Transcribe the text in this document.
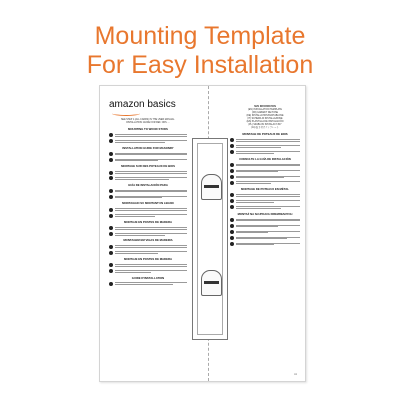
Mounting Template
For Easy Installation
amazon basics
SEE STEP 1 (ALL CARDS) IN THE USER MANUAL.
INSTALLATION GUIDE FOR REF. NOS. ...
MOUNTING TO WOOD STUDS
INSTALLATION GUIDE FOR MASONRY
MONTAGE SUR DES POTEAUX DE BOIS
GUÍA DE INSTALACIÓN PARA
MONTAGGIO SU MONTANTI IN LEGNO
MONTAJE EN POSTES DE MADERA
MONTAGEM EM VIGAS DE MADEIRA
MONTAJE EN POSTES DE MADERA
GUIDE D'INSTALLATION
SIZE INFORMATION
(EN) INSTALLATION TEMPLATE
(FR) GABARIT DE POSE
(DE) INSTALLATIONSSCHABLONE
(IT) SCHEMA DI INSTALLAZIONE
(ES) PLANTILLA DE INSTALACIÓN
(PL) SZABLON INSTALACYJNY
(JA) 取り付けテンプレート
MONTAGE DE POTEAUX DE BOIS
CONSULTE LA GUÍA DE INSTALACIÓN
MONTAGE DE POTEAUX EN MÉTAL
MONTAŻ NA SŁUPKACH DREWNIANYCH
A1
